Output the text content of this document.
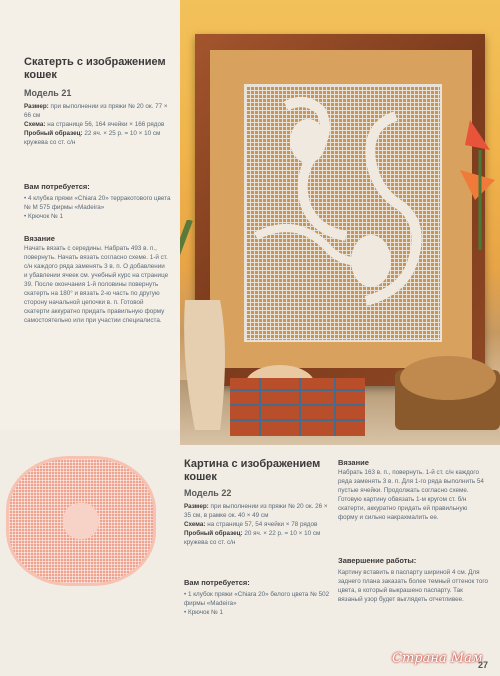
Скатерть с изображением кошек
Модель 21
Размер: при выполнении из пряжи № 20 ок. 77 × 66 см
Схема: на странице 56, 164 ячейки × 166 рядов
Пробный образец: 22 яч. × 25 р. = 10 × 10 см кружева со ст. с/н
Вам потребуется:
• 4 клубка пряжи «Chiara 20» терракотового цвета № М 575 фирмы «Madeira»
• Крючок № 1
Вязание
Начать вязать с середины. Набрать 493 в. п., повернуть. Начать вязать согласно схеме. 1-й ст. с/н каждого ряда заменять 3 в. п. О добавлении и убавлении ячеек см. учебный курс на странице 39. После окончания 1-й половины повернуть скатерть на 180° и вязать 2-ю часть по другую сторону начальной цепочки в. п. Готовой скатерти аккуратно придать правильную форму самостоятельно или при участии специалиста.
Картина с изображением кошек
Модель 22
Размер: при выполнении из пряжи № 20 ок. 26 × 35 см, в рамке ок. 40 × 49 см
Схема: на странице 57, 54 ячейки × 78 рядов
Пробный образец: 20 яч. × 22 р. = 10 × 10 см кружева со ст. с/н
Вам потребуется:
• 1 клубок пряжи «Chiara 20» белого цвета № 502 фирмы «Madeira»
• Крючок № 1
Вязание
Набрать 163 в. п., повернуть. 1-й ст. с/н каждого ряда заменять 3 в. п. Для 1-го ряда выполнить 54 пустые ячейки. Продолжать согласно схеме. Готовую картину обвязать 1-м кругом ст. б/н скатерти, аккуратно придать ей правильную форму и сильно накрахмалить ее.
Завершение работы:
Картину вставить в паспарту шириной 4 см. Для заднего плана заказать более темный оттенок того цвета, в который выкрашено паспарту. Так вязаный узор будет выглядеть отчетливее.
Страна Мам
27
